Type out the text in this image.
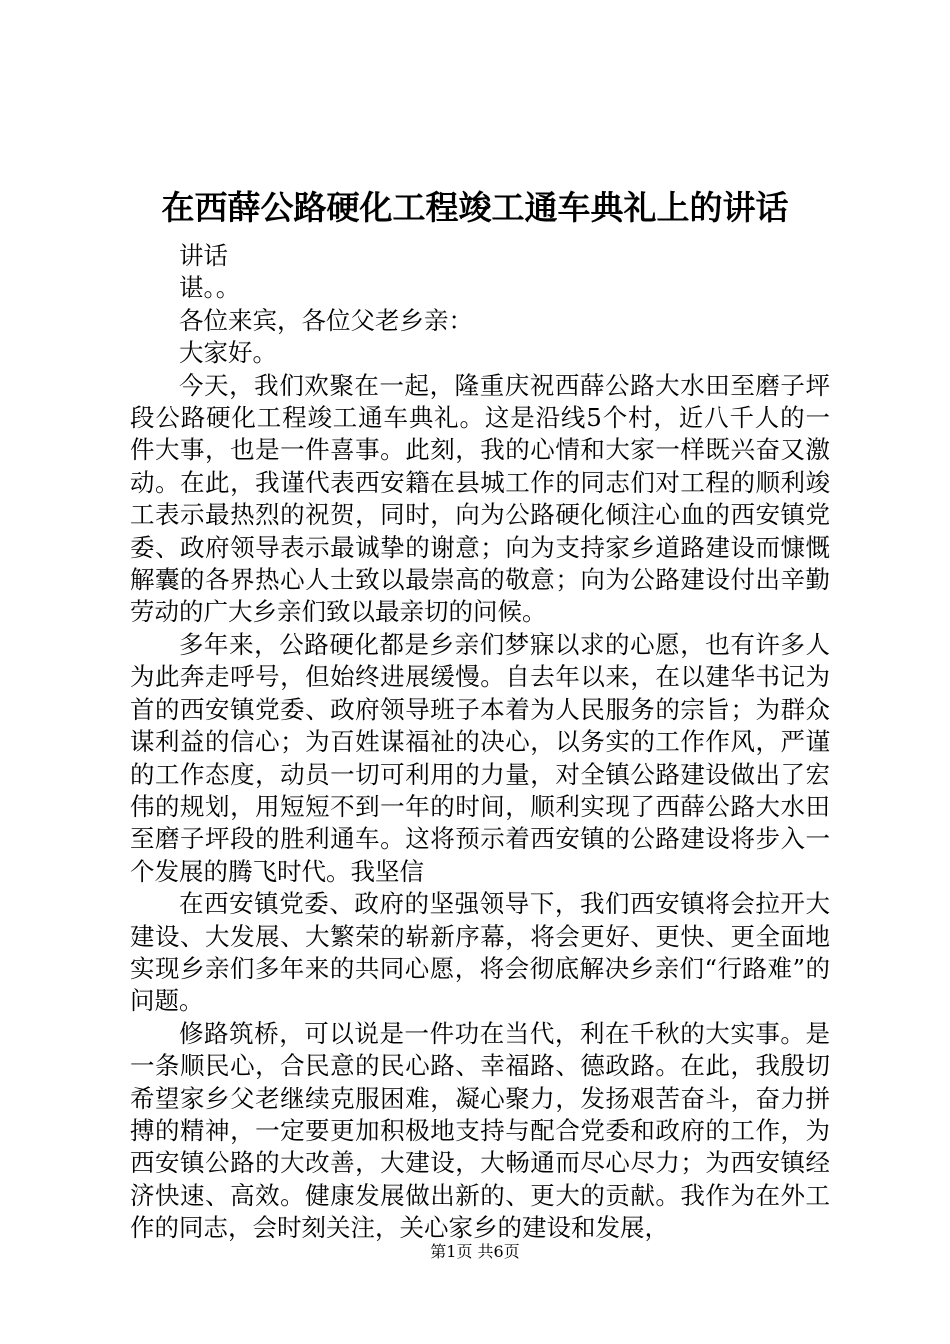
在西薛公路硬化工程竣工通车典礼上的讲话

讲话

谌。。

各位来宾，各位父老乡亲：

大家好。

今天，我们欢聚在一起，隆重庆祝西薛公路大水田至磨子坪段公路硬化工程竣工通车典礼。这是沿线5个村，近八千人的一件大事，也是一件喜事。此刻，我的心情和大家一样既兴奋又激动。在此，我谨代表西安籍在县城工作的同志们对工程的顺利竣工表示最热烈的祝贺，同时，向为公路硬化倾注心血的西安镇党委、政府领导表示最诚挚的谢意；向为支持家乡道路建设而慷慨解囊的各界热心人士致以最崇高的敬意；向为公路建设付出辛勤劳动的广大乡亲们致以最亲切的问候。

多年来，公路硬化都是乡亲们梦寐以求的心愿，也有许多人为此奔走呼号，但始终进展缓慢。自去年以来，在以建华书记为首的西安镇党委、政府领导班子本着为人民服务的宗旨；为群众谋利益的信心；为百姓谋福祉的决心，以务实的工作作风，严谨的工作态度，动员一切可利用的力量，对全镇公路建设做出了宏伟的规划，用短短不到一年的时间，顺利实现了西薛公路大水田至磨子坪段的胜利通车。这将预示着西安镇的公路建设将步入一个发展的腾飞时代。我坚信

在西安镇党委、政府的坚强领导下，我们西安镇将会拉开大建设、大发展、大繁荣的崭新序幕，将会更好、更快、更全面地实现乡亲们多年来的共同心愿，将会彻底解决乡亲们“行路难”的问题。

修路筑桥，可以说是一件功在当代，利在千秋的大实事。是一条顺民心，合民意的民心路、幸福路、德政路。在此，我殷切希望家乡父老继续克服困难，凝心聚力，发扬艰苦奋斗，奋力拼搏的精神，一定要更加积极地支持与配合党委和政府的工作，为西安镇公路的大改善，大建设，大畅通而尽心尽力；为西安镇经济快速、高效。健康发展做出新的、更大的贡献。我作为在外工作的同志，会时刻关注，关心家乡的建设和发展，

第1页 共6页
